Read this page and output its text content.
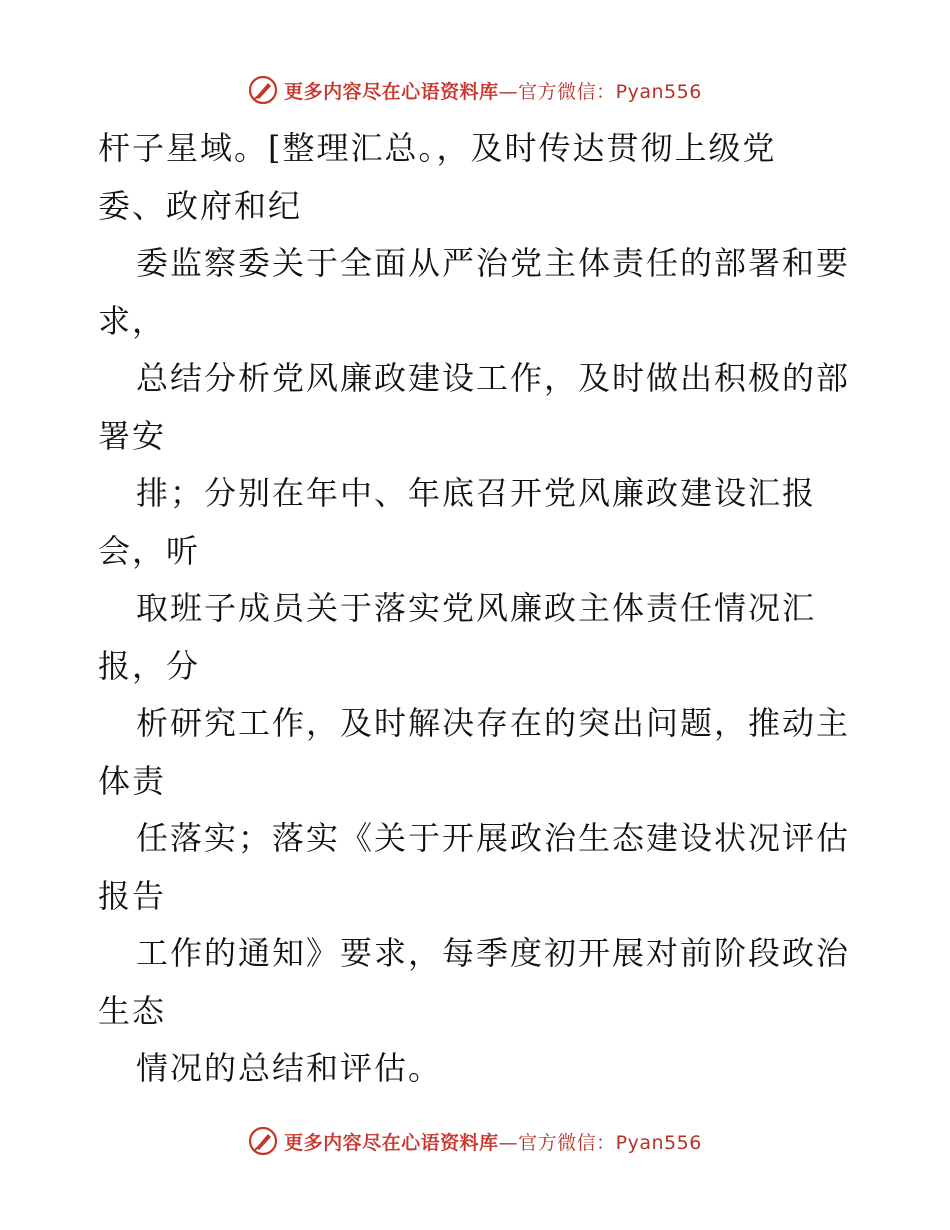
更多内容尽在心语资料库—官方微信：Pyan556
杆子星域。[整理汇总。，及时传达贯彻上级党
委、政府和纪
委监察委关于全面从严治党主体责任的部署和要
求，
总结分析党风廉政建设工作，及时做出积极的部
署安
排；分别在年中、年底召开党风廉政建设汇报
会，听
取班子成员关于落实党风廉政主体责任情况汇
报，分
析研究工作，及时解决存在的突出问题，推动主
体责
任落实；落实《关于开展政治生态建设状况评估
报告
工作的通知》要求，每季度初开展对前阶段政治
生态
情况的总结和评估。
更多内容尽在心语资料库—官方微信：Pyan556
